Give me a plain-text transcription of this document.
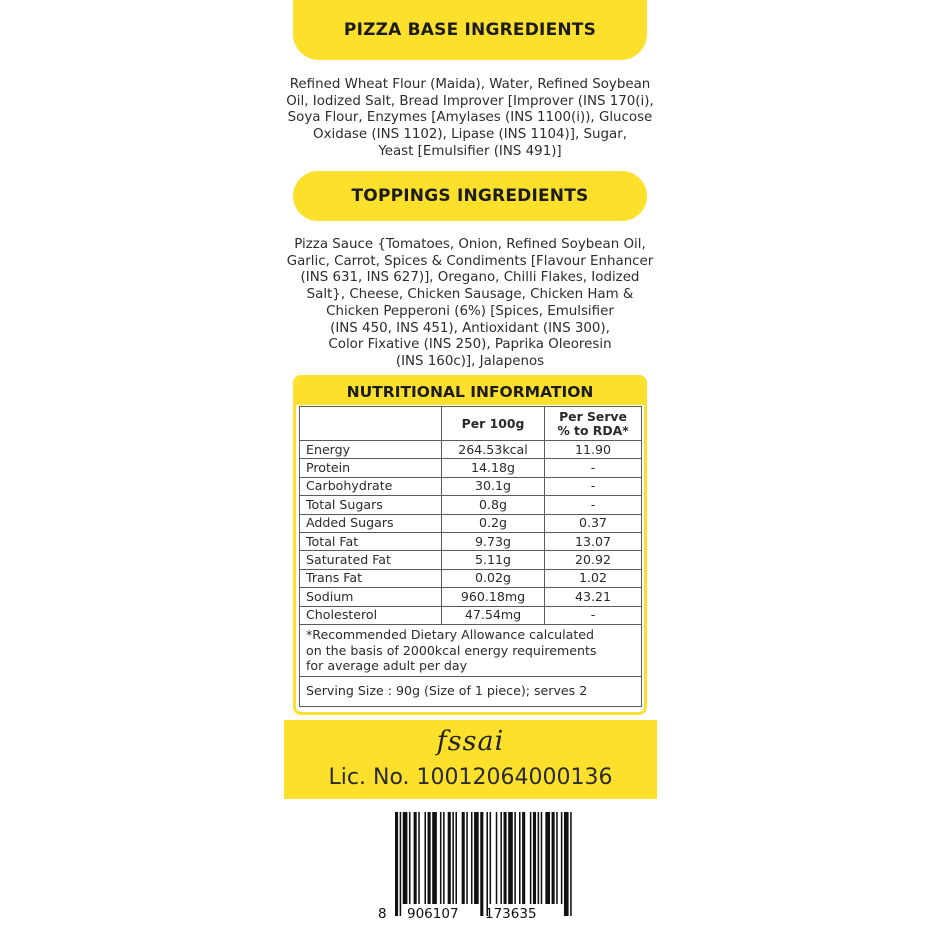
PIZZA BASE INGREDIENTS
Refined Wheat Flour (Maida), Water, Refined Soybean
Oil, Iodized Salt, Bread Improver [Improver (INS 170(i),
Soya Flour, Enzymes [Amylases (INS 1100(i)), Glucose
Oxidase (INS 1102), Lipase (INS 1104)], Sugar,
Yeast [Emulsifier (INS 491)]
TOPPINGS INGREDIENTS
Pizza Sauce {Tomatoes, Onion, Refined Soybean Oil,
Garlic, Carrot, Spices & Condiments [Flavour Enhancer
(INS 631, INS 627)], Oregano, Chilli Flakes, Iodized
Salt}, Cheese, Chicken Sausage, Chicken Ham &
Chicken Pepperoni (6%) [Spices, Emulsifier
(INS 450, INS 451), Antioxidant (INS 300),
Color Fixative (INS 250), Paprika Oleoresin
(INS 160c)], Jalapenos
NUTRITIONAL INFORMATION
	Per 100g	Per Serve
% to RDA*
Energy	264.53kcal	11.90
Protein	14.18g	-
Carbohydrate	30.1g	-
Total Sugars	0.8g	-
Added Sugars	0.2g	0.37
Total Fat	9.73g	13.07
Saturated Fat	5.11g	20.92
Trans Fat	0.02g	1.02
Sodium	960.18mg	43.21
Cholesterol	47.54mg	-
*Recommended Dietary Allowance calculated
on the basis of 2000kcal energy requirements
for average adult per day		
Serving Size : 90g (Size of 1 piece); serves 2		
fssai
Lic. No. 10012064000136
8 906107 173635
